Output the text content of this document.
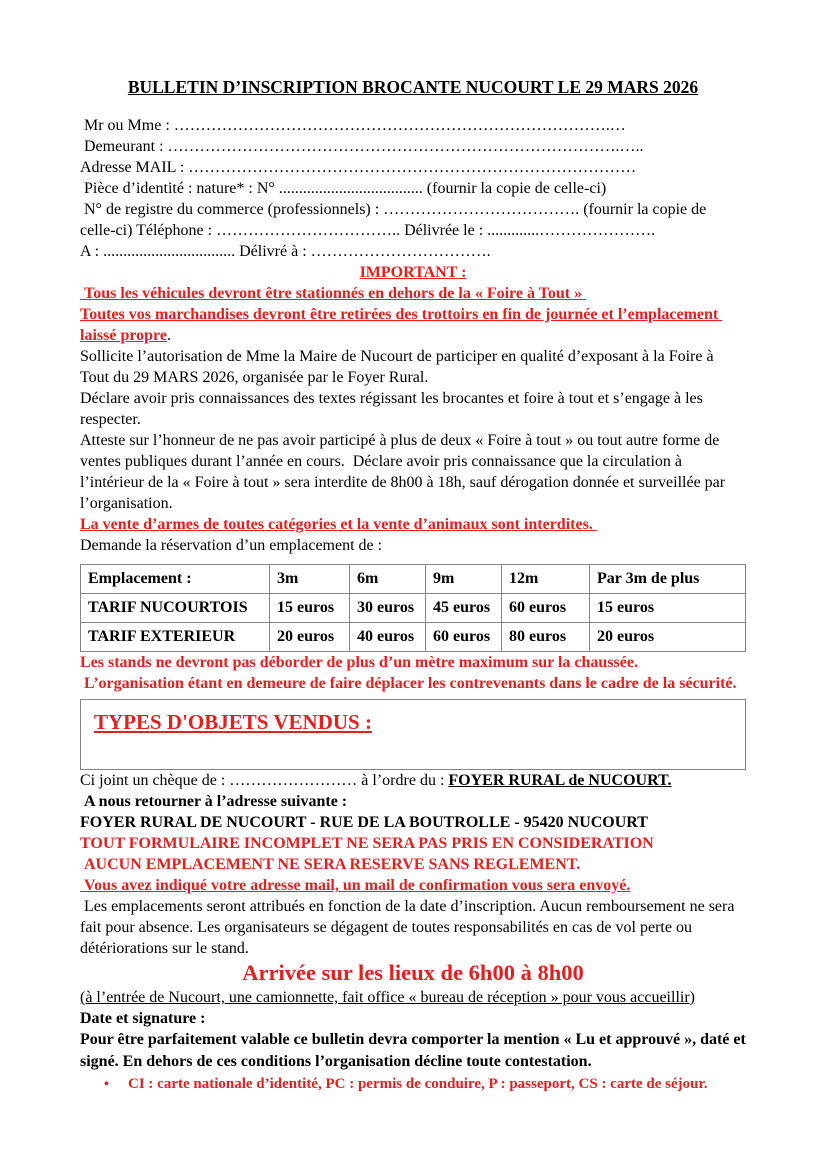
BULLETIN D’INSCRIPTION BROCANTE NUCOURT LE 29 MARS 2026

Mr ou Mme : ……………………………………………………………………….…

Demeurant : ………………………………………………………………………….…..

Adresse MAIL : …………………………………………………………………………

Pièce d’identité : nature* : N° .................................... (fournir la copie de celle-ci)

N° de registre du commerce (professionnels) : ………………………………. (fournir la copie de

celle-ci) Téléphone : …………………………….. Délivrée le : .............………………….

A : ................................. Délivré à : …………………………….

IMPORTANT :

Tous les véhicules devront être stationnés en dehors de la « Foire à Tout »

Toutes vos marchandises devront être retirées des trottoirs en fin de journée et l’emplacement laissé propre.

Sollicite l’autorisation de Mme la Maire de Nucourt de participer en qualité d’exposant à la Foire à Tout du 29 MARS 2026, organisée par le Foyer Rural.

Déclare avoir pris connaissances des textes régissant les brocantes et foire à tout et s’engage à les respecter.

Atteste sur l’honneur de ne pas avoir participé à plus de deux « Foire à tout » ou tout autre forme de ventes publiques durant l’année en cours.  Déclare avoir pris connaissance que la circulation à l’intérieur de la « Foire à tout » sera interdite de 8h00 à 18h, sauf dérogation donnée et surveillée par l’organisation.

La vente d’armes de toutes catégories et la vente d’animaux sont interdites.

Demande la réservation d’un emplacement de :

Emplacement :	3m	6m	9m	12m	Par 3m de plus
TARIF NUCOURTOIS	15 euros	30 euros	45 euros	60 euros	15 euros
TARIF EXTERIEUR	20 euros	40 euros	60 euros	80 euros	20 euros

Les stands ne devront pas déborder de plus d’un mètre maximum sur la chaussée.

L’organisation étant en demeure de faire déplacer les contrevenants dans le cadre de la sécurité.

TYPES D'OBJETS VENDUS :

Ci joint un chèque de : …………………… à l’ordre du : FOYER RURAL de NUCOURT.

A nous retourner à l’adresse suivante :

FOYER RURAL DE NUCOURT - RUE DE LA BOUTROLLE - 95420 NUCOURT

TOUT FORMULAIRE INCOMPLET NE SERA PAS PRIS EN CONSIDERATION

AUCUN EMPLACEMENT NE SERA RESERVE SANS REGLEMENT.

Vous avez indiqué votre adresse mail, un mail de confirmation vous sera envoyé.

Les emplacements seront attribués en fonction de la date d’inscription. Aucun remboursement ne sera fait pour absence. Les organisateurs se dégagent de toutes responsabilités en cas de vol perte ou détériorations sur le stand.

Arrivée sur les lieux de 6h00 à 8h00

(à l’entrée de Nucourt, une camionnette, fait office « bureau de réception » pour vous accueillir)

Date et signature :

Pour être parfaitement valable ce bulletin devra comporter la mention « Lu et approuvé », daté et signé. En dehors de ces conditions l’organisation décline toute contestation.

•	CI : carte nationale d’identité, PC : permis de conduire, P : passeport, CS : carte de séjour.
